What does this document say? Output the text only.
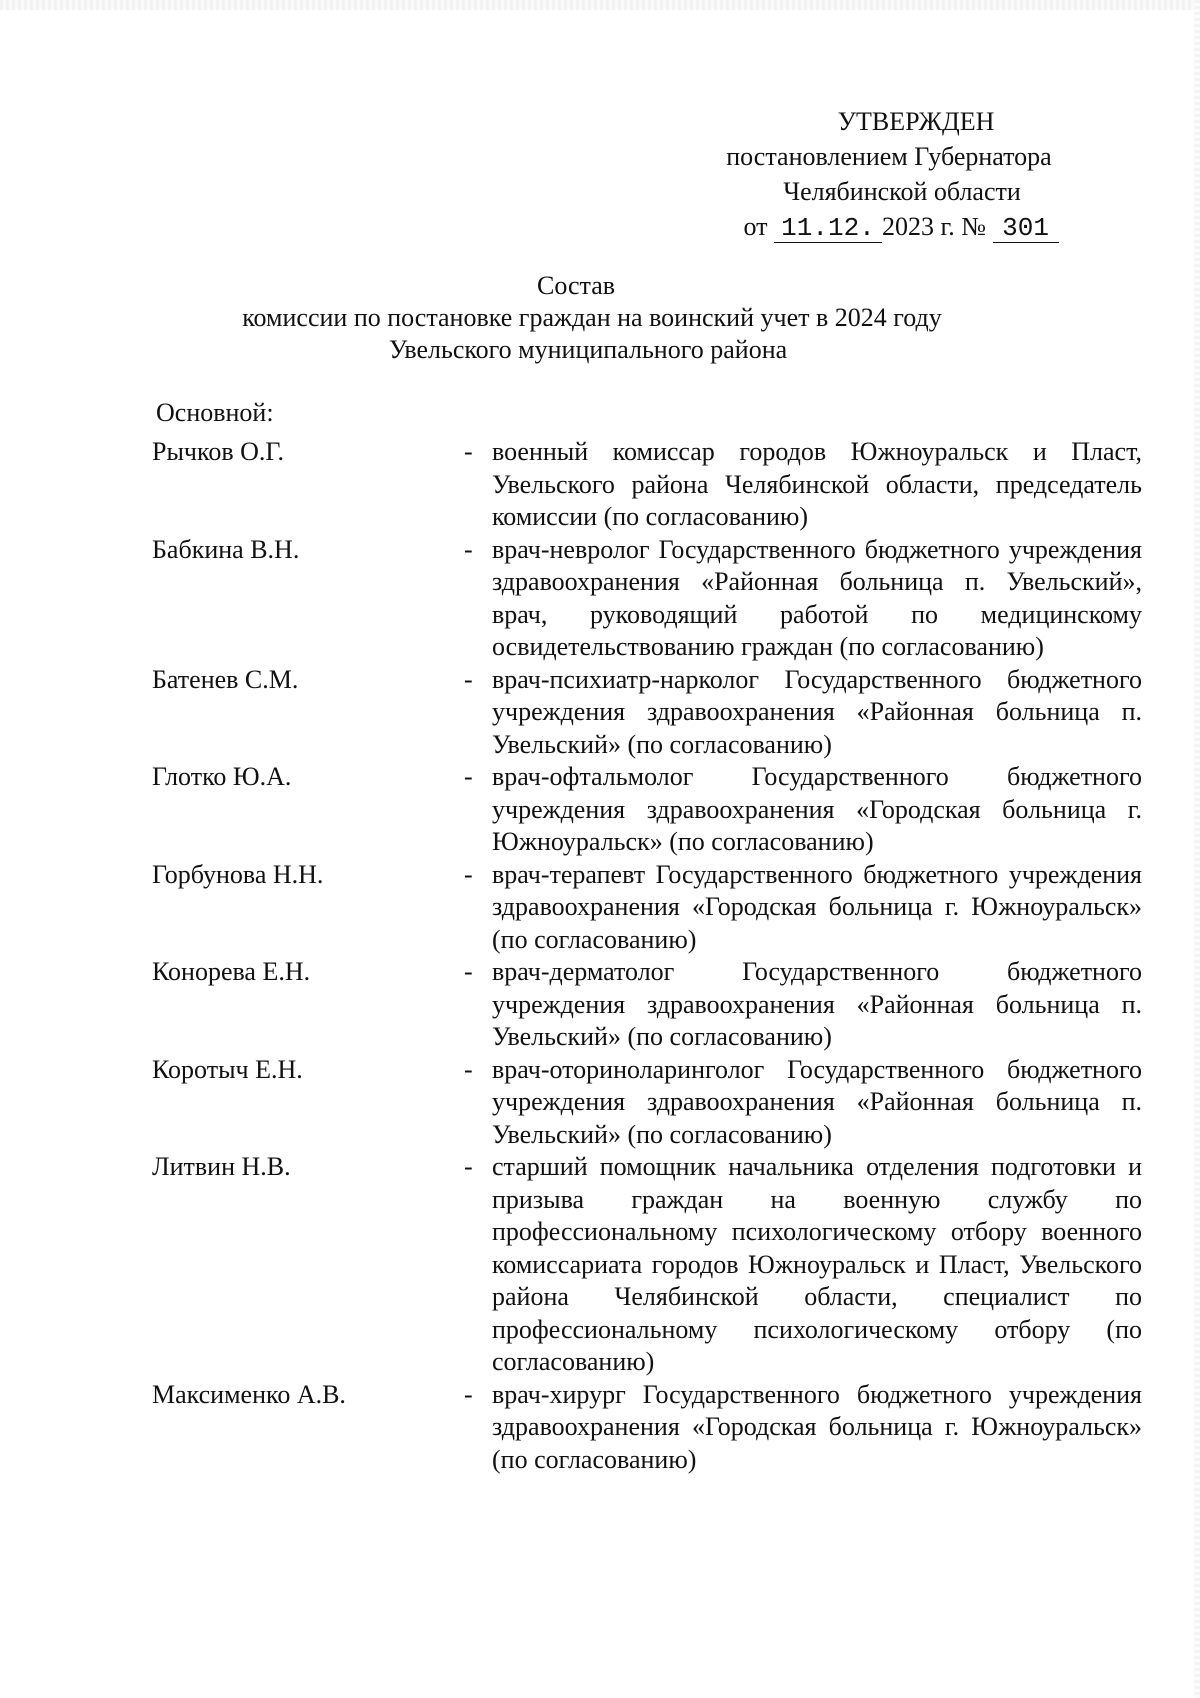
УТВЕРЖДЕН
постановлением Губернатора
Челябинской области
от 11.12. 2023 г. № 301
Состав
комиссии по постановке граждан на воинский учет в 2024 году
Увельского муниципального района
Основной:
Рычков О.Г.	- военный комиссар городов Южноуральск и Пласт, Увельского района Челябинской области, председатель комиссии (по согласованию)
Бабкина В.Н.	- врач-невролог Государственного бюджетного учреждения здравоохранения «Районная больница п. Увельский», врач, руководящий работой по медицинскому освидетельствованию граждан (по согласованию)
Батенев С.М.	- врач-психиатр-нарколог Государственного бюджетного учреждения здравоохранения «Районная больница п. Увельский» (по согласованию)
Глотко Ю.А.	- врач-офтальмолог Государственного бюджетного учреждения здравоохранения «Городская больница г. Южноуральск» (по согласованию)
Горбунова Н.Н.	- врач-терапевт Государственного бюджетного учреждения здравоохранения «Городская больница г. Южноуральск» (по согласованию)
Конорева Е.Н.	- врач-дерматолог Государственного бюджетного учреждения здравоохранения «Районная больница п. Увельский» (по согласованию)
Коротыч Е.Н.	- врач-оториноларинголог Государственного бюджетного учреждения здравоохранения «Районная больница п. Увельский» (по согласованию)
Литвин Н.В.	- старший помощник начальника отделения подготовки и призыва граждан на военную службу по профессиональному психологическому отбору военного комиссариата городов Южноуральск и Пласт, Увельского района Челябинской области, специалист по профессиональному психологическому отбору (по согласованию)
Максименко А.В.	- врач-хирург Государственного бюджетного учреждения здравоохранения «Городская больница г. Южноуральск» (по согласованию)
